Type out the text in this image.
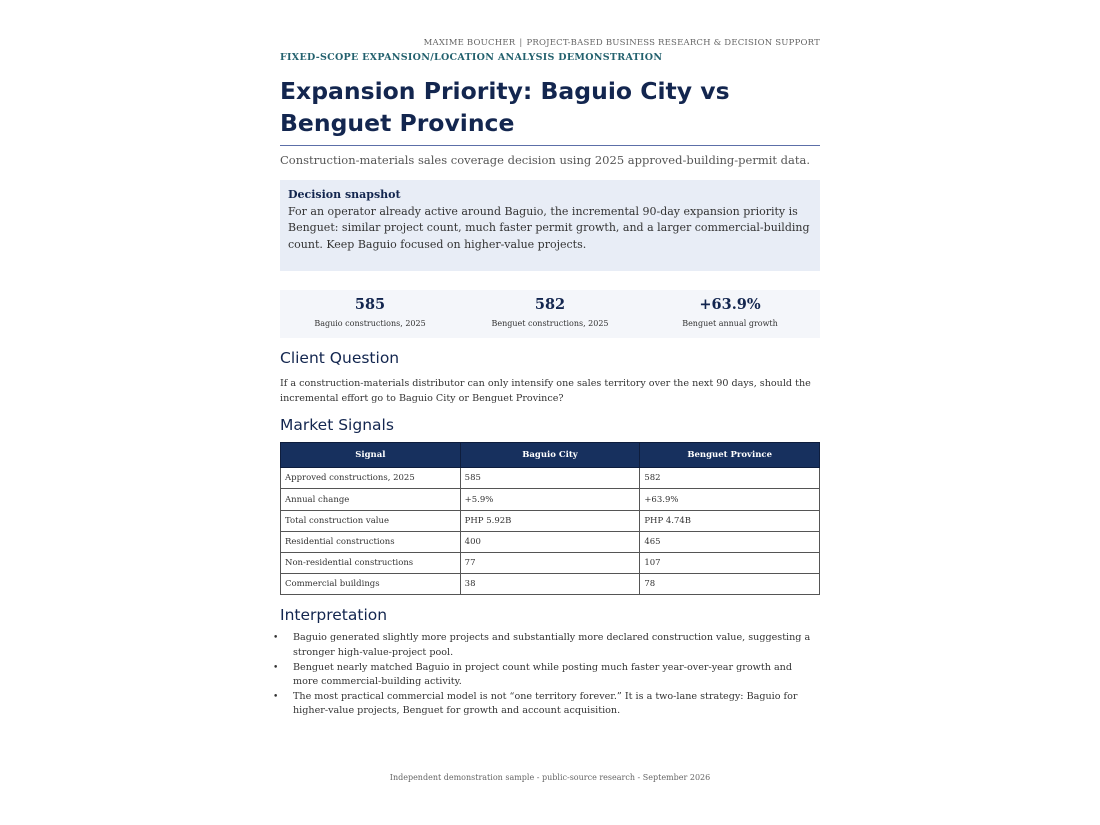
MAXIME BOUCHER | PROJECT-BASED BUSINESS RESEARCH & DECISION SUPPORT
FIXED-SCOPE EXPANSION/LOCATION ANALYSIS DEMONSTRATION
Expansion Priority: Baguio City vs Benguet Province
Construction-materials sales coverage decision using 2025 approved-building-permit data.
Decision snapshot
For an operator already active around Baguio, the incremental 90-day expansion priority is Benguet: similar project count, much faster permit growth, and a larger commercial-building count. Keep Baguio focused on higher-value projects.
585
Baguio constructions, 2025
582
Benguet constructions, 2025
+63.9%
Benguet annual growth
Client Question
If a construction-materials distributor can only intensify one sales territory over the next 90 days, should the incremental effort go to Baguio City or Benguet Province?
Market Signals
Signal	Baguio City	Benguet Province
Approved constructions, 2025	585	582
Annual change	+5.9%	+63.9%
Total construction value	PHP 5.92B	PHP 4.74B
Residential constructions	400	465
Non-residential constructions	77	107
Commercial buildings	38	78
Interpretation
• Baguio generated slightly more projects and substantially more declared construction value, suggesting a stronger high-value-project pool.
• Benguet nearly matched Baguio in project count while posting much faster year-over-year growth and more commercial-building activity.
• The most practical commercial model is not “one territory forever.” It is a two-lane strategy: Baguio for higher-value projects, Benguet for growth and account acquisition.
Independent demonstration sample - public-source research - September 2026
